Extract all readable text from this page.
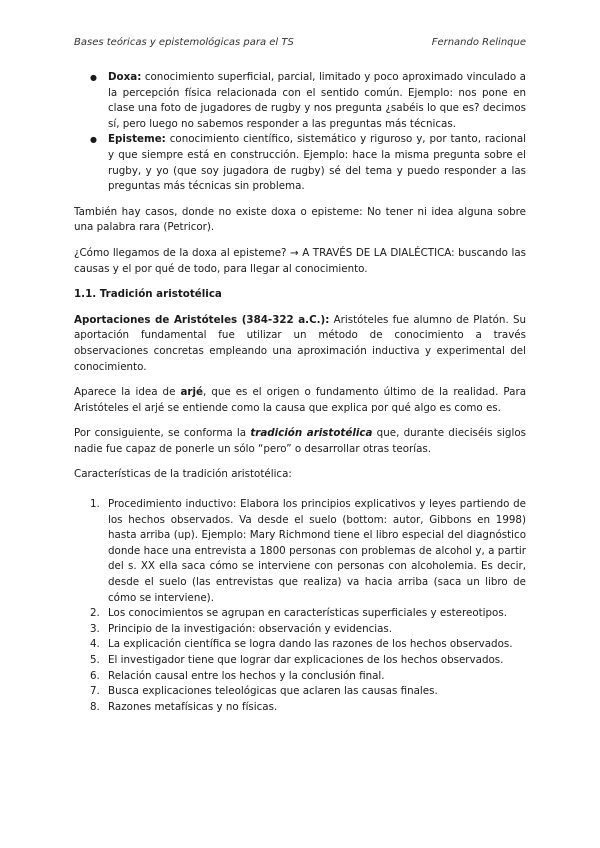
Bases teóricas y epistemológicas para el TS	Fernando Relinque
● Doxa: conocimiento superficial, parcial, limitado y poco aproximado vinculado a la percepción física relacionada con el sentido común. Ejemplo: nos pone en clase una foto de jugadores de rugby y nos pregunta ¿sabéis lo que es? decimos sí, pero luego no sabemos responder a las preguntas más técnicas.
● Episteme: conocimiento científico, sistemático y riguroso y, por tanto, racional y que siempre está en construcción. Ejemplo: hace la misma pregunta sobre el rugby, y yo (que soy jugadora de rugby) sé del tema y puedo responder a las preguntas más técnicas sin problema.

También hay casos, donde no existe doxa o episteme: No tener ni idea alguna sobre una palabra rara (Petricor).

¿Cómo llegamos de la doxa al episteme? → A TRAVÉS DE LA DIALÉCTICA: buscando las causas y el por qué de todo, para llegar al conocimiento.

1.1. Tradición aristotélica

Aportaciones de Aristóteles (384-322 a.C.): Aristóteles fue alumno de Platón. Su aportación fundamental fue utilizar un método de conocimiento a través observaciones concretas empleando una aproximación inductiva y experimental del conocimiento.

Aparece la idea de arjé, que es el origen o fundamento último de la realidad. Para Aristóteles el arjé se entiende como la causa que explica por qué algo es como es.

Por consiguiente, se conforma la tradición aristotélica que, durante dieciséis siglos nadie fue capaz de ponerle un sólo “pero” o desarrollar otras teorías.

Características de la tradición aristotélica:

1. Procedimiento inductivo: Elabora los principios explicativos y leyes partiendo de los hechos observados. Va desde el suelo (bottom: autor, Gibbons en 1998) hasta arriba (up). Ejemplo: Mary Richmond tiene el libro especial del diagnóstico donde hace una entrevista a 1800 personas con problemas de alcohol y, a partir del s. XX ella saca cómo se interviene con personas con alcoholemia. Es decir, desde el suelo (las entrevistas que realiza) va hacia arriba (saca un libro de cómo se interviene).
2. Los conocimientos se agrupan en características superficiales y estereotipos.
3. Principio de la investigación: observación y evidencias.
4. La explicación científica se logra dando las razones de los hechos observados.
5. El investigador tiene que lograr dar explicaciones de los hechos observados.
6. Relación causal entre los hechos y la conclusión final.
7. Busca explicaciones teleológicas que aclaren las causas finales.
8. Razones metafísicas y no físicas.
